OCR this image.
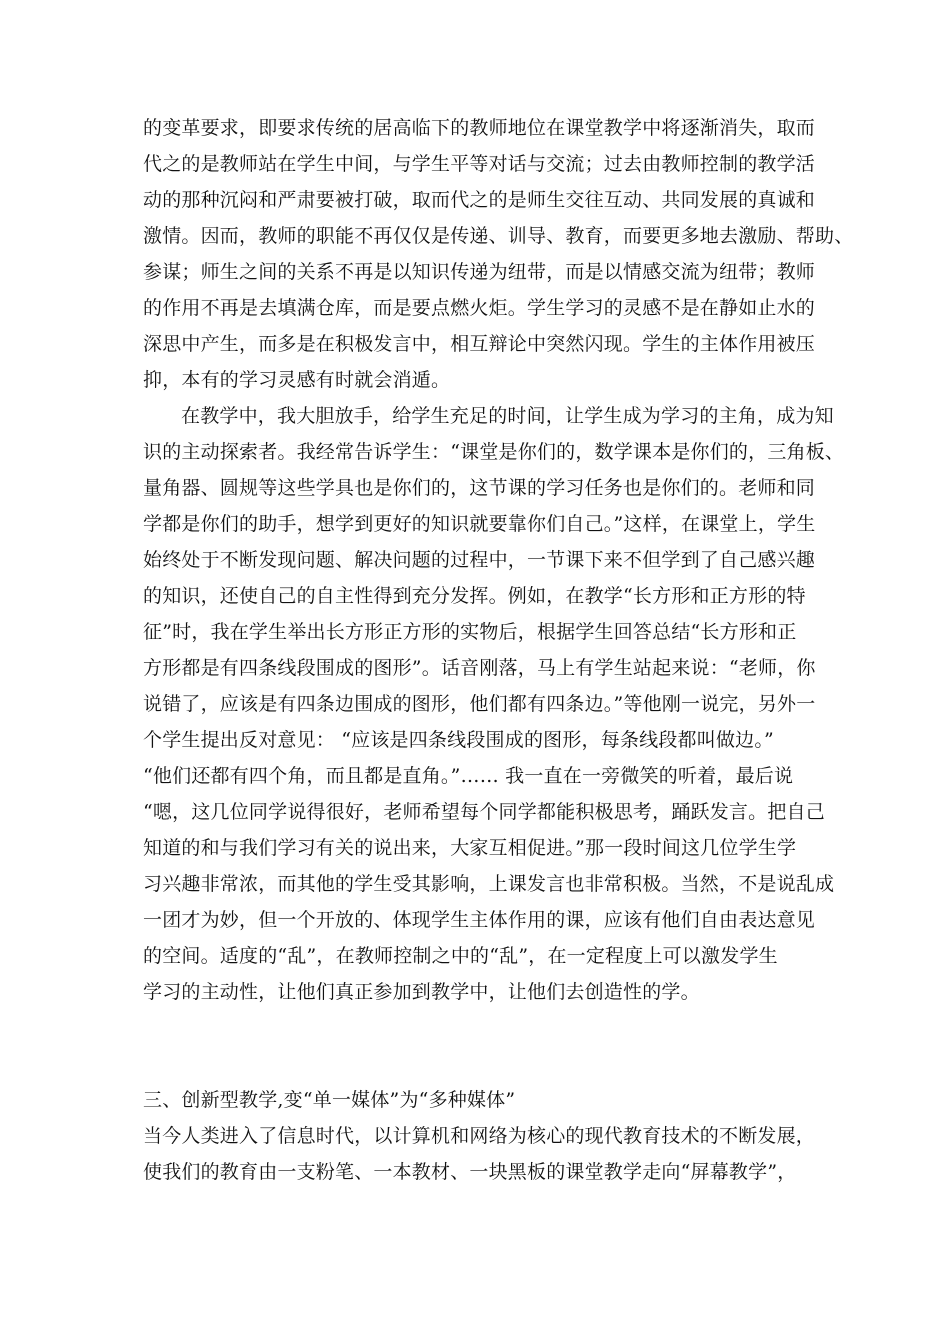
的变革要求，即要求传统的居高临下的教师地位在课堂教学中将逐渐消失，取而
代之的是教师站在学生中间，与学生平等对话与交流；过去由教师控制的教学活
动的那种沉闷和严肃要被打破，取而代之的是师生交往互动、共同发展的真诚和
激情。因而，教师的职能不再仅仅是传递、训导、教育，而要更多地去激励、帮助、
参谋；师生之间的关系不再是以知识传递为纽带，而是以情感交流为纽带；教师
的作用不再是去填满仓库，而是要点燃火炬。学生学习的灵感不是在静如止水的
深思中产生，而多是在积极发言中，相互辩论中突然闪现。学生的主体作用被压
抑，本有的学习灵感有时就会消遁。
在教学中，我大胆放手，给学生充足的时间，让学生成为学习的主角，成为知
识的主动探索者。我经常告诉学生：“课堂是你们的，数学课本是你们的，三角板、
量角器、圆规等这些学具也是你们的，这节课的学习任务也是你们的。老师和同
学都是你们的助手，想学到更好的知识就要靠你们自己。”这样，在课堂上，学生
始终处于不断发现问题、解决问题的过程中，一节课下来不但学到了自己感兴趣
的知识，还使自己的自主性得到充分发挥。例如，在教学“长方形和正方形的特
征”时，我在学生举出长方形正方形的实物后，根据学生回答总结“长方形和正
方形都是有四条线段围成的图形”。话音刚落，马上有学生站起来说：“老师，你
说错了，应该是有四条边围成的图形，他们都有四条边。”等他刚一说完，另外一
个学生提出反对意见： “应该是四条线段围成的图形，每条线段都叫做边。”
“他们还都有四个角，而且都是直角。”…… 我一直在一旁微笑的听着，最后说
“嗯，这几位同学说得很好，老师希望每个同学都能积极思考，踊跃发言。把自己
知道的和与我们学习有关的说出来，大家互相促进。”那一段时间这几位学生学
习兴趣非常浓，而其他的学生受其影响，上课发言也非常积极。当然，不是说乱成
一团才为妙，但一个开放的、体现学生主体作用的课，应该有他们自由表达意见
的空间。适度的“乱”，在教师控制之中的“乱”，在一定程度上可以激发学生
学习的主动性，让他们真正参加到教学中，让他们去创造性的学。
三、创新型教学,变“单一媒体”为“多种媒体”
当今人类进入了信息时代，以计算机和网络为核心的现代教育技术的不断发展，
使我们的教育由一支粉笔、一本教材、一块黑板的课堂教学走向“屏幕教学”，
